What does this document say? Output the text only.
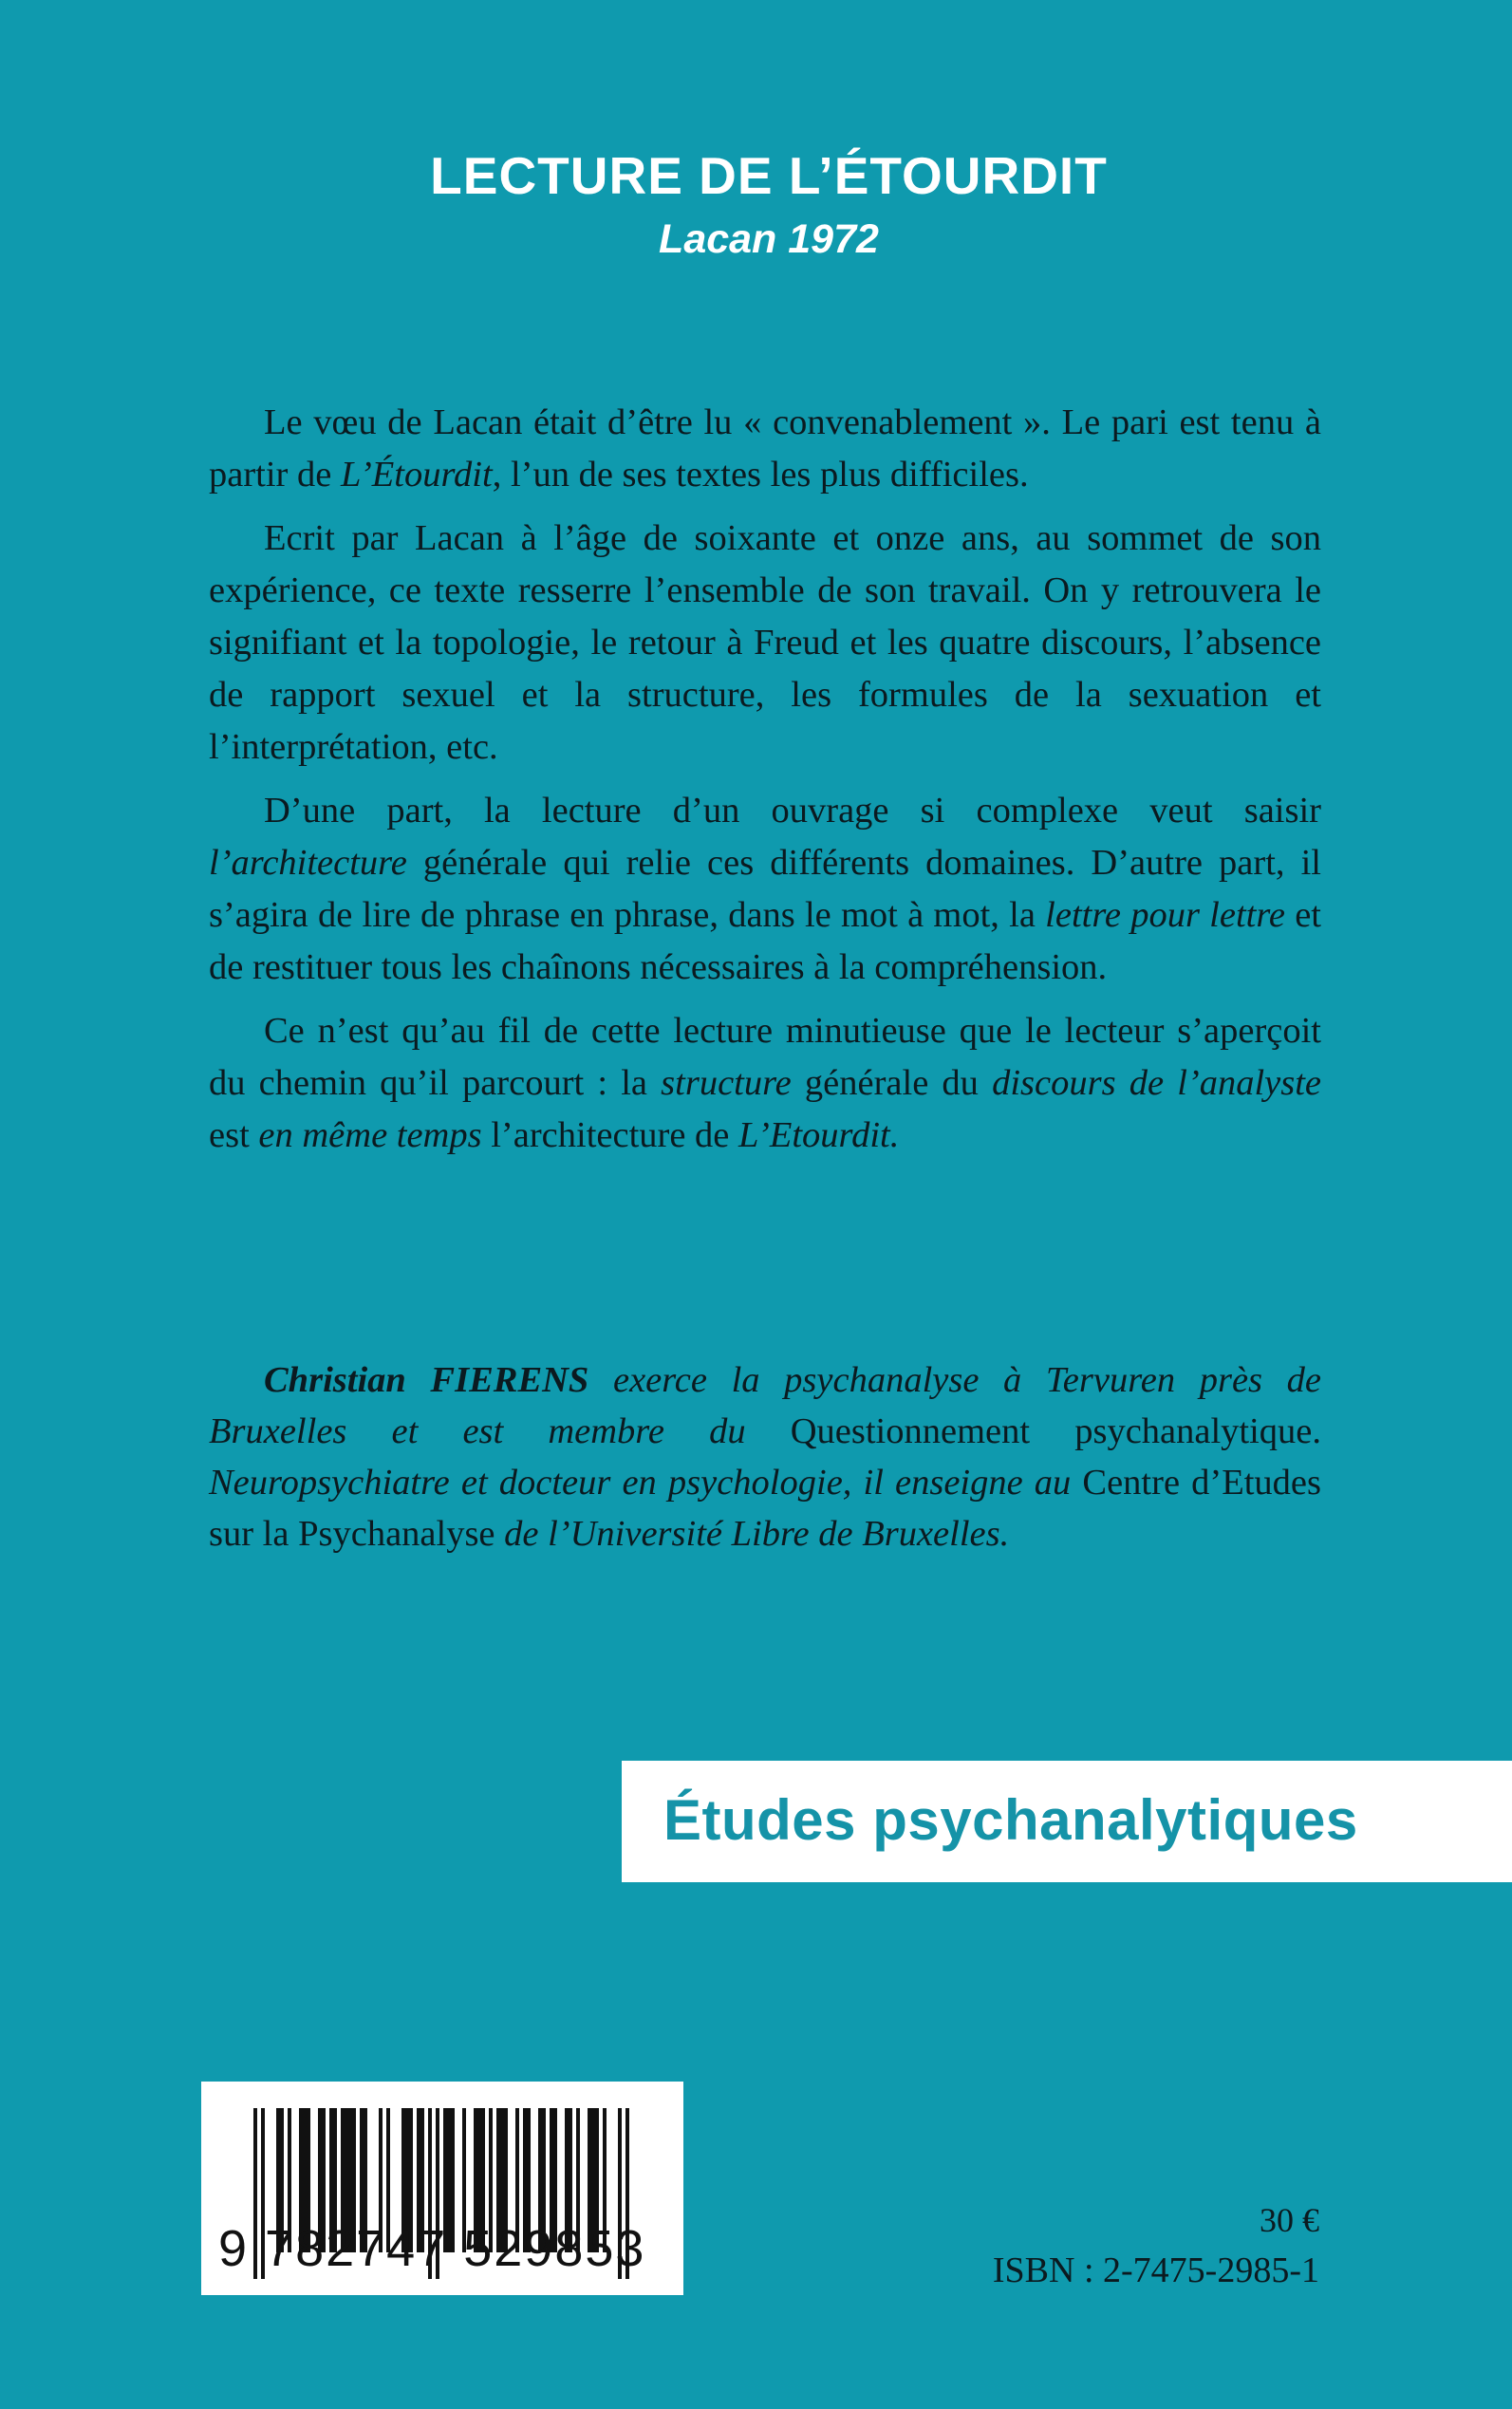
LECTURE DE L’ÉTOURDIT
Lacan 1972

Le vœu de Lacan était d’être lu « convenablement ». Le pari est tenu à partir de L’Étourdit, l’un de ses textes les plus difficiles.

Ecrit par Lacan à l’âge de soixante et onze ans, au sommet de son expérience, ce texte resserre l’ensemble de son travail. On y retrouvera le signifiant et la topologie, le retour à Freud et les quatre discours, l’absence de rapport sexuel et la structure, les formules de la sexuation et l’interprétation, etc.

D’une part, la lecture d’un ouvrage si complexe veut saisir l’architecture générale qui relie ces différents domaines. D’autre part, il s’agira de lire de phrase en phrase, dans le mot à mot, la lettre pour lettre et de restituer tous les chaînons nécessaires à la compréhension.

Ce n’est qu’au fil de cette lecture minutieuse que le lecteur s’aperçoit du chemin qu’il parcourt : la structure générale du discours de l’analyste est en même temps l’architecture de L’Etourdit.

Christian FIERENS exerce la psychanalyse à Tervuren près de Bruxelles et est membre du Questionnement psychanalytique. Neuropsychiatre et docteur en psychologie, il enseigne au Centre d’Etudes sur la Psychanalyse de l’Université Libre de Bruxelles.

Études psychanalytiques
9 782747 529853	30 €
ISBN : 2-7475-2985-1
